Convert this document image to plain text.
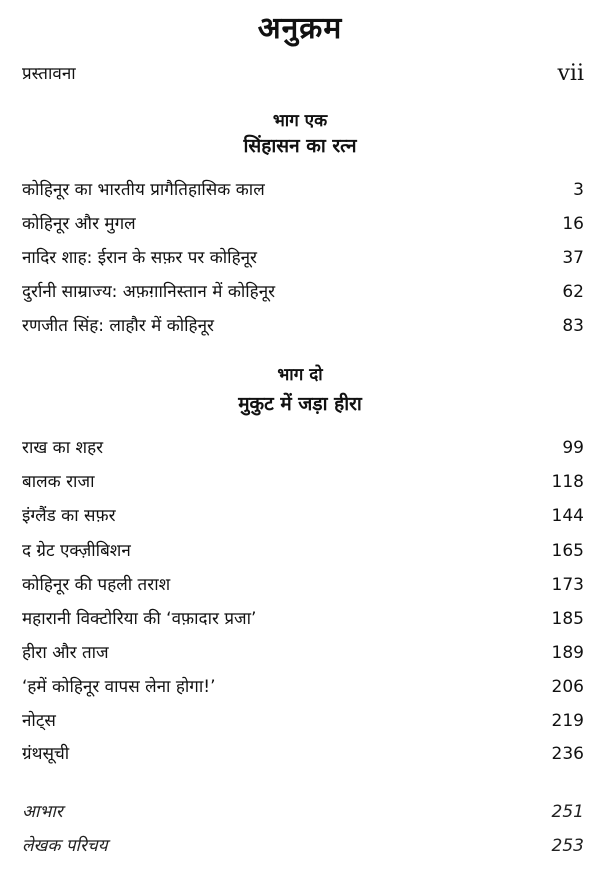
अनुक्रम
प्रस्तावना	vii
भाग एक
सिंहासन का रत्न
कोहिनूर का भारतीय प्रागैतिहासिक काल	3
कोहिनूर और मुगल	16
नादिर शाह: ईरान के सफ़र पर कोहिनूर	37
दुर्रानी साम्राज्य: अफ़ग़ानिस्तान में कोहिनूर	62
रणजीत सिंह: लाहौर में कोहिनूर	83
भाग दो
मुकुट में जड़ा हीरा
राख का शहर	99
बालक राजा	118
इंग्लैंड का सफ़र	144
द ग्रेट एक्ज़ीबिशन	165
कोहिनूर की पहली तराश	173
महारानी विक्टोरिया की ‘वफ़ादार प्रजा’	185
हीरा और ताज	189
‘हमें कोहिनूर वापस लेना होगा!’	206
नोट्स	219
ग्रंथसूची	236
आभार	251
लेखक परिचय	253
